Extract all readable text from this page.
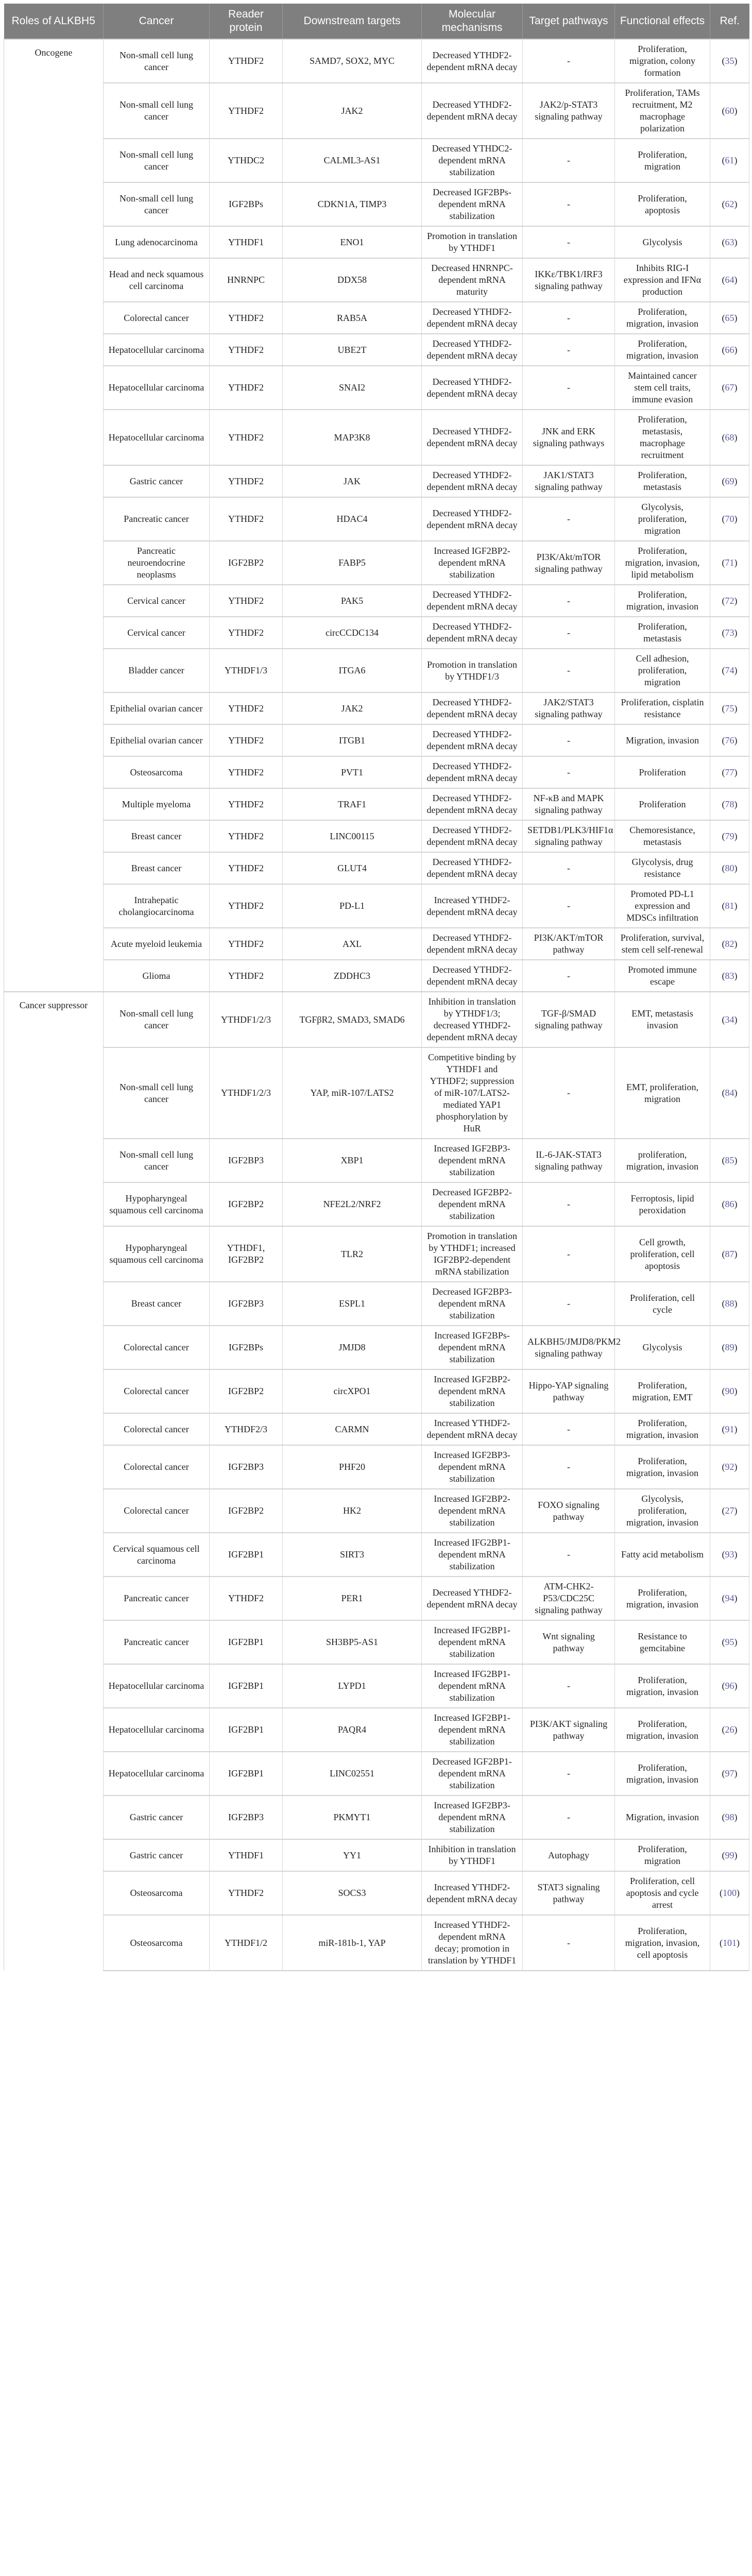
Roles of ALKBH5	Cancer	Reader protein	Downstream targets	Molecular mechanisms	Target pathways	Functional effects	Ref.
Oncogene	Non-small cell lung cancer	YTHDF2	SAMD7, SOX2, MYC	Decreased YTHDF2-dependent mRNA decay	-	Proliferation, migration, colony formation	( 35 )
	Non-small cell lung cancer	YTHDF2	JAK2	Decreased YTHDF2-dependent mRNA decay	JAK2/p-STAT3 signaling pathway	Proliferation, TAMs recruitment, M2 macrophage polarization	( 60 )
	Non-small cell lung cancer	YTHDC2	CALML3-AS1	Decreased YTHDC2-dependent mRNA stabilization	-	Proliferation, migration	( 61 )
	Non-small cell lung cancer	IGF2BPs	CDKN1A, TIMP3	Decreased IGF2BPs-dependent mRNA stabilization	-	Proliferation, apoptosis	( 62 )
	Lung adenocarcinoma	YTHDF1	ENO1	Promotion in translation by YTHDF1	-	Glycolysis	( 63 )
	Head and neck squamous cell carcinoma	HNRNPC	DDX58	Decreased HNRNPC-dependent mRNA maturity	IKKε/TBK1/IRF3 signaling pathway	Inhibits RIG-I expression and IFNα production	( 64 )
	Colorectal cancer	YTHDF2	RAB5A	Decreased YTHDF2-dependent mRNA decay	-	Proliferation, migration, invasion	( 65 )
	Hepatocellular carcinoma	YTHDF2	UBE2T	Decreased YTHDF2-dependent mRNA decay	-	Proliferation, migration, invasion	( 66 )
	Hepatocellular carcinoma	YTHDF2	SNAI2	Decreased YTHDF2-dependent mRNA decay	-	Maintained cancer stem cell traits, immune evasion	( 67 )
	Hepatocellular carcinoma	YTHDF2	MAP3K8	Decreased YTHDF2-dependent mRNA decay	JNK and ERK signaling pathways	Proliferation, metastasis, macrophage recruitment	( 68 )
	Gastric cancer	YTHDF2	JAK	Decreased YTHDF2-dependent mRNA decay	JAK1/STAT3 signaling pathway	Proliferation, metastasis	( 69 )
	Pancreatic cancer	YTHDF2	HDAC4	Decreased YTHDF2-dependent mRNA decay	-	Glycolysis, proliferation, migration	( 70 )
	Pancreatic neuroendocrine neoplasms	IGF2BP2	FABP5	Increased IGF2BP2-dependent mRNA stabilization	PI3K/Akt/mTOR signaling pathway	Proliferation, migration, invasion, lipid metabolism	( 71 )
	Cervical cancer	YTHDF2	PAK5	Decreased YTHDF2-dependent mRNA decay	-	Proliferation, migration, invasion	( 72 )
	Cervical cancer	YTHDF2	circCCDC134	Decreased YTHDF2-dependent mRNA decay	-	Proliferation, metastasis	( 73 )
	Bladder cancer	YTHDF1/3	ITGA6	Promotion in translation by YTHDF1/3	-	Cell adhesion, proliferation, migration	( 74 )
	Epithelial ovarian cancer	YTHDF2	JAK2	Decreased YTHDF2-dependent mRNA decay	JAK2/STAT3 signaling pathway	Proliferation, cisplatin resistance	( 75 )
	Epithelial ovarian cancer	YTHDF2	ITGB1	Decreased YTHDF2-dependent mRNA decay	-	Migration, invasion	( 76 )
	Osteosarcoma	YTHDF2	PVT1	Decreased YTHDF2-dependent mRNA decay	-	Proliferation	( 77 )
	Multiple myeloma	YTHDF2	TRAF1	Decreased YTHDF2-dependent mRNA decay	NF-κB and MAPK signaling pathway	Proliferation	( 78 )
	Breast cancer	YTHDF2	LINC00115	Decreased YTHDF2-dependent mRNA decay	SETDB1/PLK3/HIF1α signaling pathway	Chemoresistance, metastasis	( 79 )
	Breast cancer	YTHDF2	GLUT4	Decreased YTHDF2-dependent mRNA decay	-	Glycolysis, drug resistance	( 80 )
	Intrahepatic cholangiocarcinoma	YTHDF2	PD-L1	Increased YTHDF2-dependent mRNA decay	-	Promoted PD-L1 expression and MDSCs infiltration	( 81 )
	Acute myeloid leukemia	YTHDF2	AXL	Decreased YTHDF2-dependent mRNA decay	PI3K/AKT/mTOR pathway	Proliferation, survival, stem cell self-renewal	( 82 )
	Glioma	YTHDF2	ZDDHC3	Decreased YTHDF2-dependent mRNA decay	-	Promoted immune escape	( 83 )
Cancer suppressor	Non-small cell lung cancer	YTHDF1/2/3	TGFβR2, SMAD3, SMAD6	Inhibition in translation by YTHDF1/3; decreased YTHDF2-dependent mRNA decay	TGF-β/SMAD signaling pathway	EMT, metastasis invasion	( 34 )
	Non-small cell lung cancer	YTHDF1/2/3	YAP, miR-107/LATS2	Competitive binding by YTHDF1 and YTHDF2; suppression of miR-107/LATS2-mediated YAP1 phosphorylation by HuR	-	EMT, proliferation, migration	( 84 )
	Non-small cell lung cancer	IGF2BP3	XBP1	Increased IGF2BP3-dependent mRNA stabilization	IL-6-JAK-STAT3 signaling pathway	proliferation, migration, invasion	( 85 )
	Hypopharyngeal squamous cell carcinoma	IGF2BP2	NFE2L2/NRF2	Decreased IGF2BP2-dependent mRNA stabilization	-	Ferroptosis, lipid peroxidation	( 86 )
	Hypopharyngeal squamous cell carcinoma	YTHDF1, IGF2BP2	TLR2	Promotion in translation by YTHDF1; increased IGF2BP2-dependent mRNA stabilization	-	Cell growth, proliferation, cell apoptosis	( 87 )
	Breast cancer	IGF2BP3	ESPL1	Decreased IGF2BP3-dependent mRNA stabilization	-	Proliferation, cell cycle	( 88 )
	Colorectal cancer	IGF2BPs	JMJD8	Increased IGF2BPs-dependent mRNA stabilization	ALKBH5/JMJD8/PKM2 signaling pathway	Glycolysis	( 89 )
	Colorectal cancer	IGF2BP2	circXPO1	Increased IGF2BP2-dependent mRNA stabilization	Hippo-YAP signaling pathway	Proliferation, migration, EMT	( 90 )
	Colorectal cancer	YTHDF2/3	CARMN	Increased YTHDF2-dependent mRNA decay	-	Proliferation, migration, invasion	( 91 )
	Colorectal cancer	IGF2BP3	PHF20	Increased IGF2BP3-dependent mRNA stabilization	-	Proliferation, migration, invasion	( 92 )
	Colorectal cancer	IGF2BP2	HK2	Increased IGF2BP2-dependent mRNA stabilization	FOXO signaling pathway	Glycolysis, proliferation, migration, invasion	( 27 )
	Cervical squamous cell carcinoma	IGF2BP1	SIRT3	Increased IFG2BP1-dependent mRNA stabilization	-	Fatty acid metabolism	( 93 )
	Pancreatic cancer	YTHDF2	PER1	Decreased YTHDF2-dependent mRNA decay	ATM-CHK2-P53/CDC25C signaling pathway	Proliferation, migration, invasion	( 94 )
	Pancreatic cancer	IGF2BP1	SH3BP5-AS1	Increased IFG2BP1-dependent mRNA stabilization	Wnt signaling pathway	Resistance to gemcitabine	( 95 )
	Hepatocellular carcinoma	IGF2BP1	LYPD1	Increased IFG2BP1-dependent mRNA stabilization	-	Proliferation, migration, invasion	( 96 )
	Hepatocellular carcinoma	IGF2BP1	PAQR4	Increased IGF2BP1-dependent mRNA stabilization	PI3K/AKT signaling pathway	Proliferation, migration, invasion	( 26 )
	Hepatocellular carcinoma	IGF2BP1	LINC02551	Decreased IGF2BP1-dependent mRNA stabilization	-	Proliferation, migration, invasion	( 97 )
	Gastric cancer	IGF2BP3	PKMYT1	Increased IGF2BP3-dependent mRNA stabilization	-	Migration, invasion	( 98 )
	Gastric cancer	YTHDF1	YY1	Inhibition in translation by YTHDF1	Autophagy	Proliferation, migration	( 99 )
	Osteosarcoma	YTHDF2	SOCS3	Increased YTHDF2-dependent mRNA decay	STAT3 signaling pathway	Proliferation, cell apoptosis and cycle arrest	( 100 )
	Osteosarcoma	YTHDF1/2	miR-181b-1, YAP	Increased YTHDF2-dependent mRNA decay; promotion in translation by YTHDF1	-	Proliferation, migration, invasion, cell apoptosis	( 101 )
